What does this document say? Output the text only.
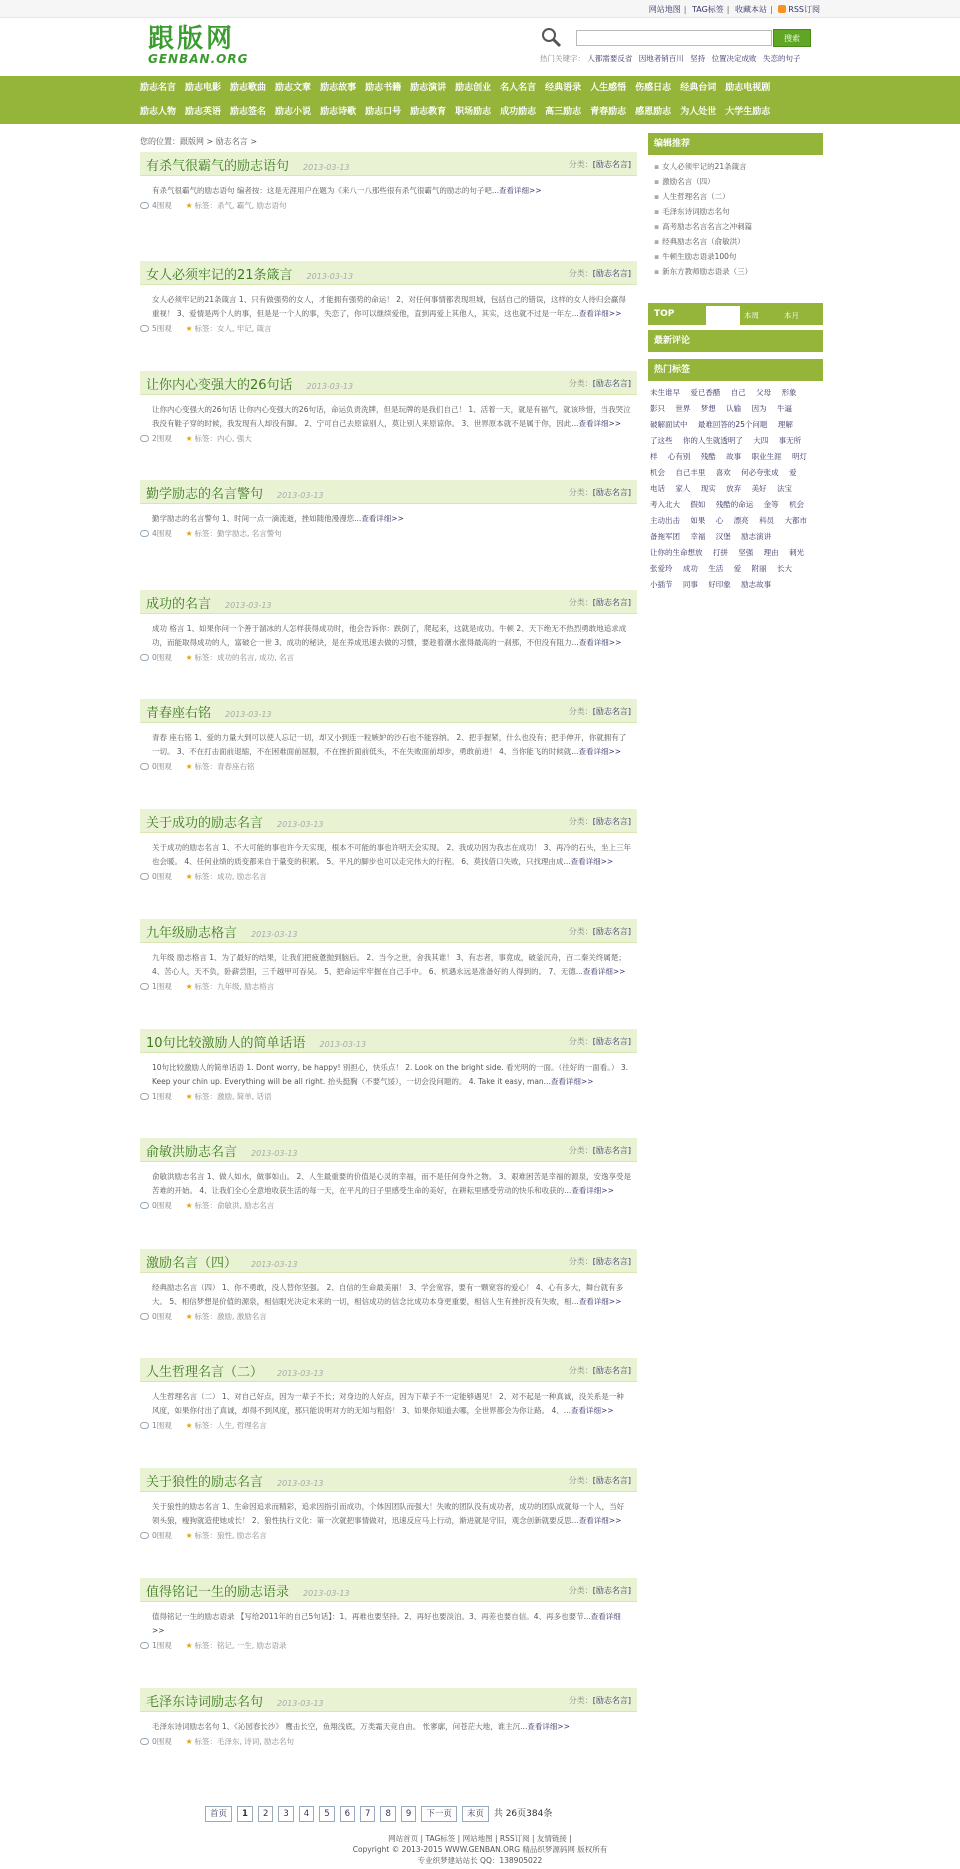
网站地图 | TAG标签 | 收藏本站 | RSS订阅
跟版网
GENBAN.ORG
搜索
热门关键字： 人都需要反省 因地者销百川 坚持 位置决定成败 失恋的句子
励志名言 励志电影 励志歌曲 励志文章 励志故事 励志书籍 励志演讲 励志创业 名人名言 经典语录 人生感悟 伤感日志 经典台词 励志电视剧
励志人物 励志英语 励志签名 励志小说 励志诗歌 励志口号 励志教育 职场励志 成功励志 高三励志 青春励志 感恩励志 为人处世 大学生励志
您的位置：跟版网 > 励志名言 >
有杀气很霸气的励志语句 2013-03-13	分类：[励志名言]
有杀气很霸气的励志语句 编者按：这是无涯用户在题为《来八一八那些很有杀气很霸气的励志的句子吧...查看详细>>
4围观 ★ 标签：杀气, 霸气, 励志语句
女人必须牢记的21条箴言 2013-03-13	分类：[励志名言]
女人必须牢记的21条箴言 1、只有做强势的女人，才能拥有强势的命运！ 2、对任何事情都表现坦城，包括自己的错误，这样的女人待归会赢得重视！ 3、爱情是两个人的事，但是是一个人的事，失恋了，你可以继续爱他，直到再爱上其他人，其实，这也就不过是一年左...查看详细>>
5围观 ★ 标签：女人, 牢记, 箴言
让你内心变强大的26句话 2013-03-13	分类：[励志名言]
让你内心变强大的26句话 让你内心变强大的26句话，命运负责洗牌，但是玩牌的是我们自己！ 1、活着一天，就是有福气，就该珍惜，当我哭泣我没有鞋子穿的时候，我发现有人却没有脚。 2、宁可自己去原谅别人，莫让别人来原谅你。 3、世界原本就不是属于你，因此...查看详细>>
2围观 ★ 标签：内心, 强大
勤学励志的名言警句 2013-03-13	分类：[励志名言]
勤学励志的名言警句 1、时间一点一滴流逝，挫如随他漫漫您...查看详细>>
4围观 ★ 标签：勤学励志, 名言警句
成功的名言 2013-03-13	分类：[励志名言]
成功 格言 1、如果你问一个善于溜冰的人怎样获得成功时，他会告诉你：跌倒了，爬起来，这就是成功。牛顿 2、天下绝无不热烈勇敢地追求成功，而能取得成功的人，富破仑一世 3、成功的秘诀，是在养成迅速去做的习惯，要趁着潮水涨得最高的一刹那，不但没有阻力...查看详细>>
0围观 ★ 标签：成功的名言, 成功, 名言
青春座右铭 2013-03-13	分类：[励志名言]
青春 座右铭 1、爱的力量大到可以使人忘记一切，却又小到连一粒嫉妒的沙石也不能容纳。 2、把手握紧，什么也没有；把手伸开，你就拥有了一切。 3、不在打击面前退缩，不在困难面前屈服，不在挫折面前低头，不在失败面前却步，勇敢前进！ 4、当你能飞的时候就...查看详细>>
0围观 ★ 标签：青春座右铭
关于成功的励志名言 2013-03-13	分类：[励志名言]
关于成功的励志名言 1、不大可能的事也许今天实现，根本不可能的事也许明天会实现。 2、我成功因为我志在成功！ 3、再冷的石头，坐上三年也会暖。 4、任何业绩的质变都来自于量变的积累。 5、平凡的脚步也可以走完伟大的行程。 6、莫找借口失败，只找理由成...查看详细>>
0围观 ★ 标签：成功, 励志名言
九年级励志格言 2013-03-13	分类：[励志名言]
九年级 励志格言 1、为了最好的结果，让我们把疲惫抛到脑后。 2、当今之世，舍我其谁！ 3、有志者，事竟成，破釜沉舟，百二秦关终属楚；4、苦心人，天不负，卧薪尝胆，三千越甲可吞吴。 5、把命运牢牢握在自己手中。 6、机遇永远是准备好的人得到的。 7、无德...查看详细>>
1围观 ★ 标签：九年级, 励志格言
10句比较激励人的简单话语 2013-03-13	分类：[励志名言]
10句比较激励人的简单话语 1. Dont worry, be happy! 别担心，快乐点！ 2. Look on the bright side. 看光明的一面。（往好的一面看。） 3. Keep your chin up. Everything will be all right. 抬头挺胸（不要气馁），一切会没问题的。 4. Take it easy, man...查看详细>>
1围观 ★ 标签：激励, 简单, 话语
俞敏洪励志名言 2013-03-13	分类：[励志名言]
俞敏洪励志名言 1、做人如水，做事如山。 2、人生最重要的价值是心灵的幸福，而不是任何身外之物。 3、艰难困苦是幸福的源泉，安逸享受是苦难的开始。 4、让我们全心全意地收获生活的每一天，在平凡的日子里感受生命的美好，在耕耘里感受劳动的快乐和收获的...查看详细>>
0围观 ★ 标签：俞敏洪, 励志名言
激励名言（四） 2013-03-13	分类：[励志名言]
经典励志名言（四） 1、你不勇敢，没人替你坚强。 2、自信的生命最美丽！ 3、学会宽容，要有一颗宽容的爱心！ 4、心有多大，舞台就有多大。 5、相信梦想是价值的源泉，相信眼光决定未来的一切，相信成功的信念比成功本身更重要，相信人生有挫折没有失败，相...查看详细>>
0围观 ★ 标签：激励, 激励名言
人生哲理名言（二） 2013-03-13	分类：[励志名言]
人生哲理名言（二） 1、对自己好点，因为一辈子不长；对身边的人好点，因为下辈子不一定能够遇见！ 2、对不起是一种真诚，没关系是一种风度，如果你付出了真诚，却得不到风度，那只能说明对方的无知与粗俗！ 3、如果你知道去哪，全世界都会为你让路。 4、...查看详细>>
1围观 ★ 标签：人生, 哲理名言
关于狼性的励志名言 2013-03-13	分类：[励志名言]
关于狼性的励志名言 1、生命因追求而精彩，追求因指引而成功，个体因团队而强大！失败的团队没有成功者，成功的团队成就每一个人，当好领头狼，瘦狗就造使她成长！ 2、狼性执行文化：第一次就把事情做对，迅速反应马上行动，渐进就是守旧，观念创新就要反思...查看详细>>
0围观 ★ 标签：狼性, 励志名言
值得铭记一生的励志语录 2013-03-13	分类：[励志名言]
值得铭记一生的励志语录 【写给2011年的自己5句话】：1、再难也要坚持。2、再好也要淡泊。3、再差也要自信。4、再多也要节...查看详细>>
1围观 ★ 标签：铭记, 一生, 励志语录
毛泽东诗词励志名句 2013-03-13	分类：[励志名言]
毛泽东诗词励志名句 1、《沁园春长沙》 鹰击长空，鱼翔浅底，万类霜天竞自由。 怅寥廓，问苍茫大地，谁主沉...查看详细>>
0围观 ★ 标签：毛泽东, 诗词, 励志名句
编辑推荐
▪ 女人必须牢记的21条箴言
▪ 激励名言（四）
▪ 人生哲理名言（二）
▪ 毛泽东诗词励志名句
▪ 高考励志名言名言之冲刺篇
▪ 经典励志名言（俞敏洪）
▪ 牛顿生励志语录100句
▪ 新东方教师励志语录（三）
TOP	本周	本月
最新评论
热门标签
未生谁早 爱已香醋 自己 父母 形象 影只 世界 梦想 认输 因为 牛逼 破解面试中 最难回答的25个问题 理解 了这些 你的人生就透明了 大四 事无所 样 心有别 残酷 故事 职业生涯 明灯 机会 自己丰里 喜欢 何必夸张成 爱 电话 家人 现实 放弃 美好 法宝 考入北大 假如 残酷的命运 金等 机会 主动出击 如果 心 漂亮 科员 大都市 备拖军团 幸福 汉堡 励志演讲 让你的生命想放 打拼 坚强 理由 刺光 张爱玲 成功 生活 爱 附丽 长大 小插节 同事 好印象 励志故事
首页 1 2 3 4 5 6 7 8 9 下一页 末页 共 26页384条
网站首页 | TAG标签 | 网站地图 | RSS订阅 | 友情链接 |
Copyright © 2013-2015 WWW.GENBAN.ORG 精品织梦源码网 版权所有
专业织梦建站站长 QQ：138905022
